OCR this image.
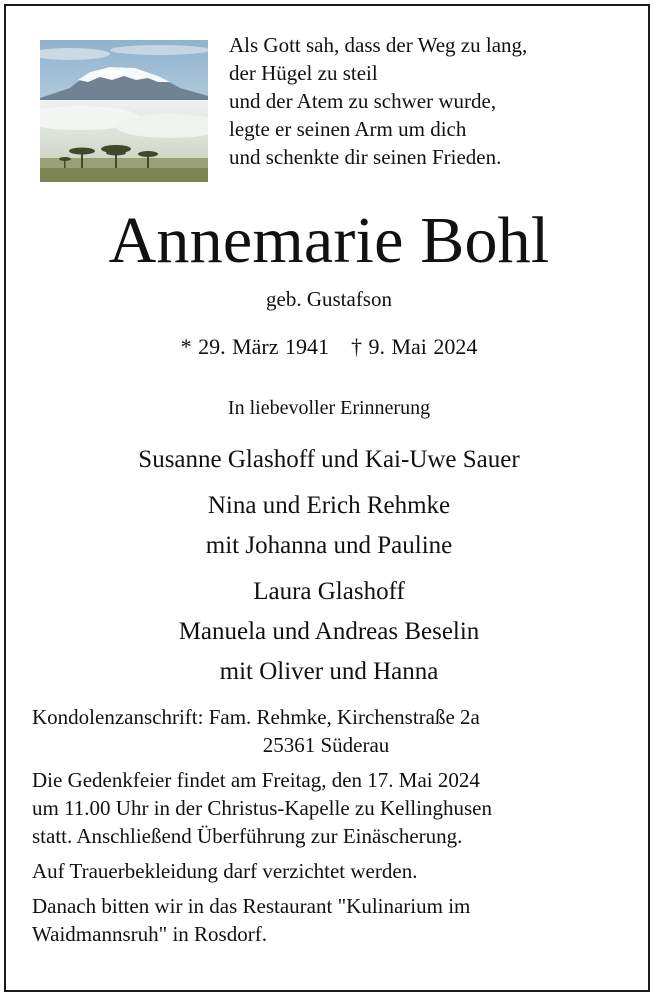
Als Gott sah, dass der Weg zu lang,
der Hügel zu steil
und der Atem zu schwer wurde,
legte er seinen Arm um dich
und schenkte dir seinen Frieden.
Annemarie Bohl
geb. Gustafson
* 29. März 1941 † 9. Mai 2024
In liebevoller Erinnerung
Susanne Glashoff und Kai-Uwe Sauer
Nina und Erich Rehmke
mit Johanna und Pauline
Laura Glashoff
Manuela und Andreas Beselin
mit Oliver und Hanna
Kondolenzanschrift: Fam. Rehmke, Kirchenstraße 2a
25361 Süderau
Die Gedenkfeier findet am Freitag, den 17. Mai 2024
um 11.00 Uhr in der Christus-Kapelle zu Kellinghusen
statt. Anschließend Überführung zur Einäscherung.
Auf Trauerbekleidung darf verzichtet werden.
Danach bitten wir in das Restaurant "Kulinarium im
Waidmannsruh" in Rosdorf.
